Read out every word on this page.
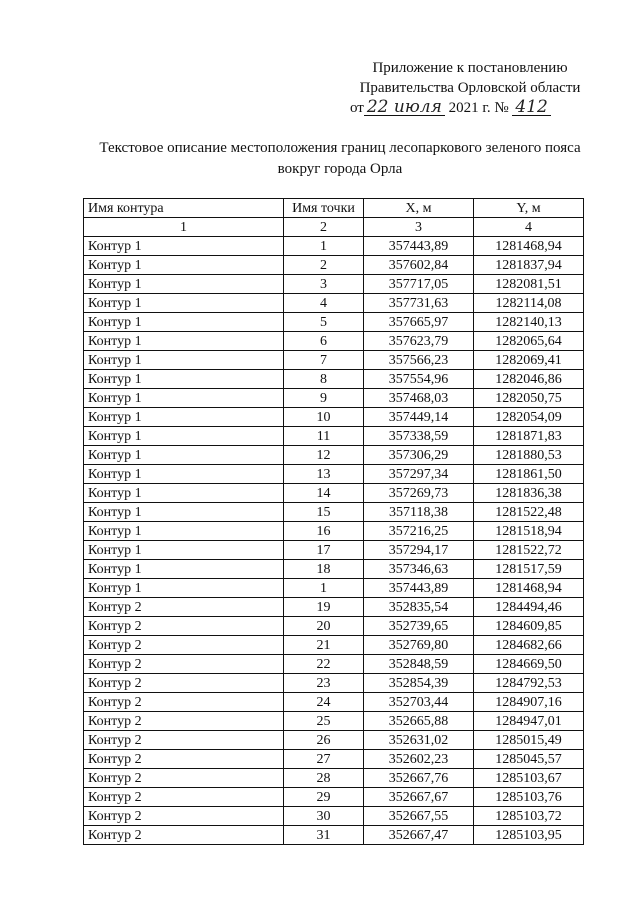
Приложение к постановлению
Правительства Орловской области
от 22 июля 2021 г. № 412
Текстовое описание местоположения границ лесопаркового зеленого пояса
вокруг города Орла
Имя контура	Имя точки	X, м	Y, м
1	2	3	4
Контур 1	1	357443,89	1281468,94
Контур 1	2	357602,84	1281837,94
Контур 1	3	357717,05	1282081,51
Контур 1	4	357731,63	1282114,08
Контур 1	5	357665,97	1282140,13
Контур 1	6	357623,79	1282065,64
Контур 1	7	357566,23	1282069,41
Контур 1	8	357554,96	1282046,86
Контур 1	9	357468,03	1282050,75
Контур 1	10	357449,14	1282054,09
Контур 1	11	357338,59	1281871,83
Контур 1	12	357306,29	1281880,53
Контур 1	13	357297,34	1281861,50
Контур 1	14	357269,73	1281836,38
Контур 1	15	357118,38	1281522,48
Контур 1	16	357216,25	1281518,94
Контур 1	17	357294,17	1281522,72
Контур 1	18	357346,63	1281517,59
Контур 1	1	357443,89	1281468,94
Контур 2	19	352835,54	1284494,46
Контур 2	20	352739,65	1284609,85
Контур 2	21	352769,80	1284682,66
Контур 2	22	352848,59	1284669,50
Контур 2	23	352854,39	1284792,53
Контур 2	24	352703,44	1284907,16
Контур 2	25	352665,88	1284947,01
Контур 2	26	352631,02	1285015,49
Контур 2	27	352602,23	1285045,57
Контур 2	28	352667,76	1285103,67
Контур 2	29	352667,67	1285103,76
Контур 2	30	352667,55	1285103,72
Контур 2	31	352667,47	1285103,95
